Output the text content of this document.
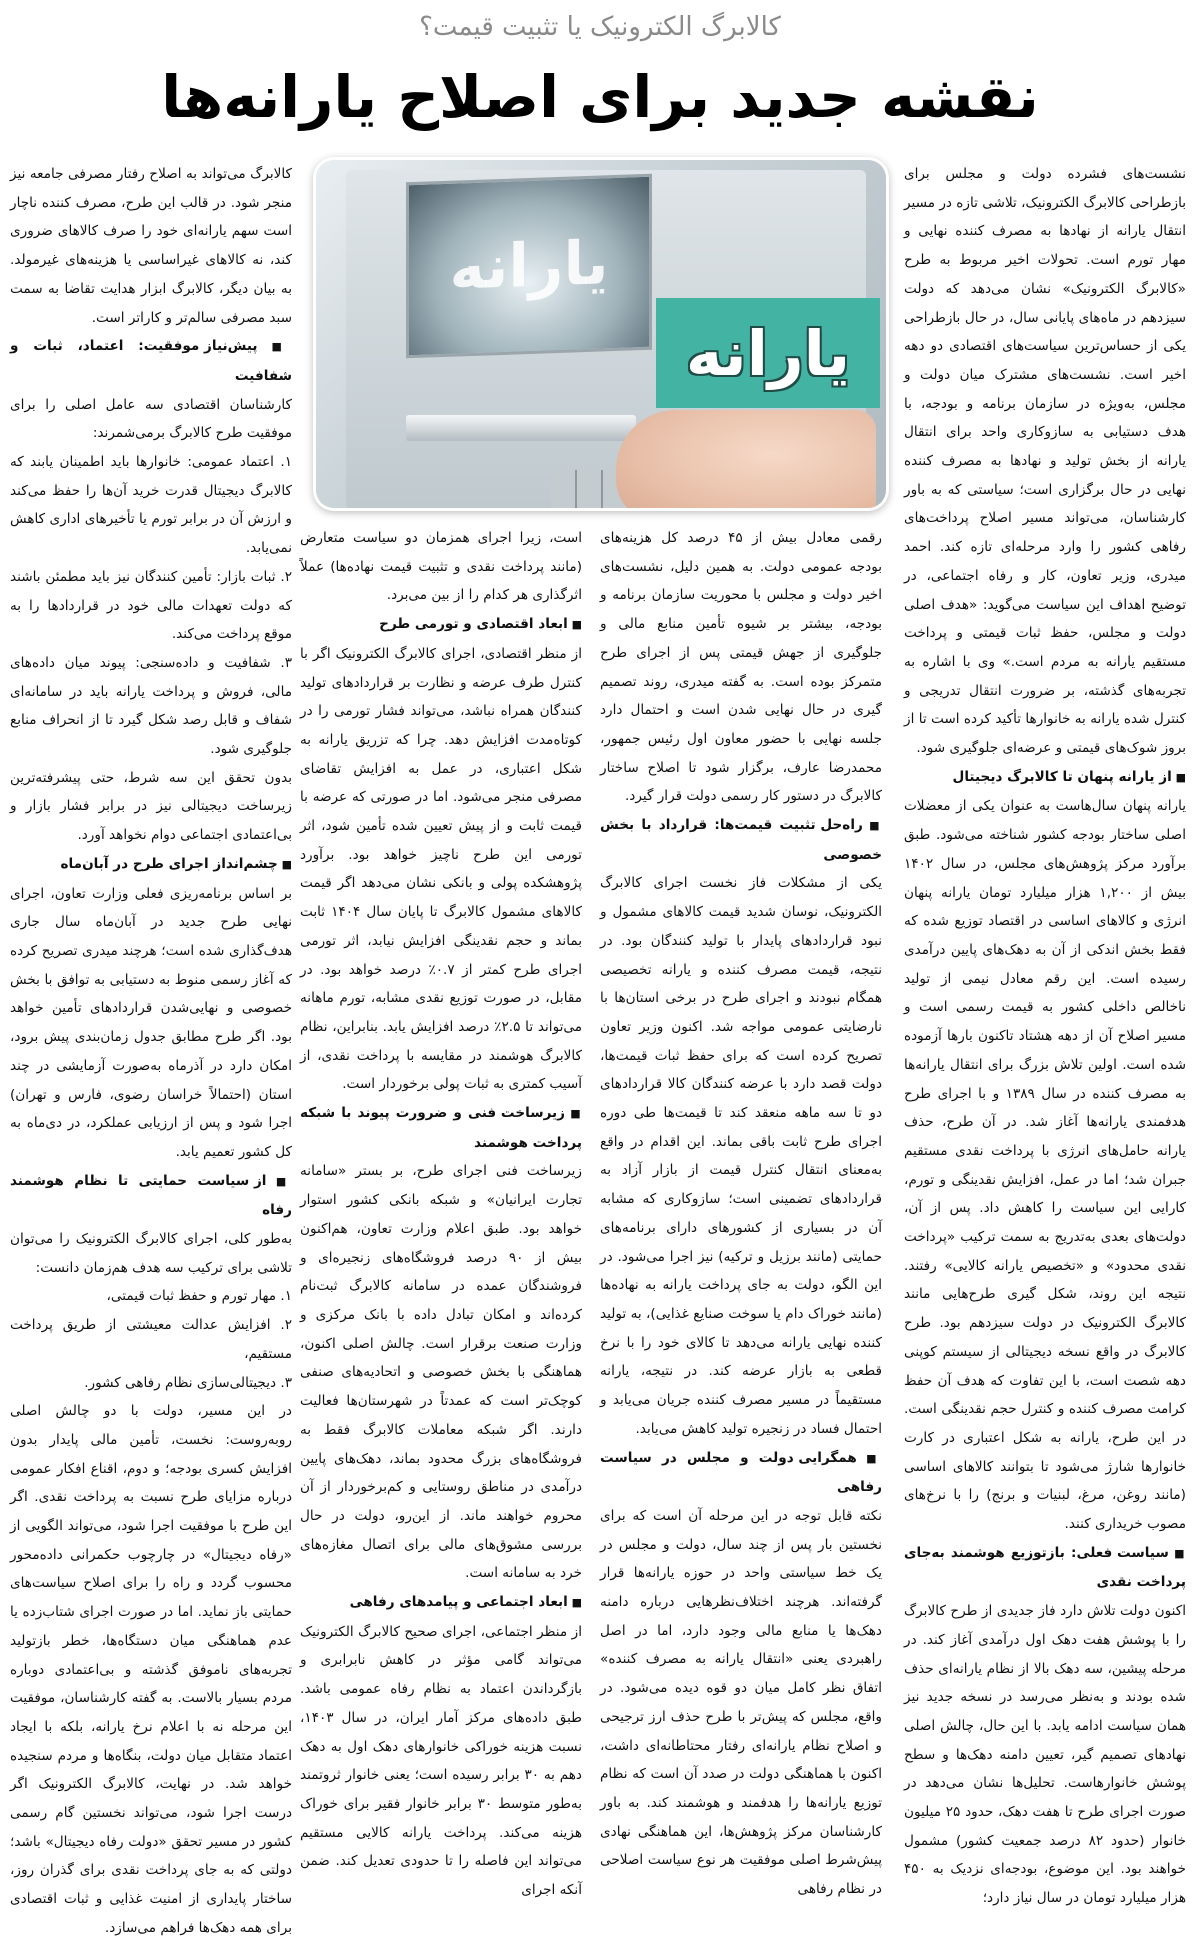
کالابرگ الکترونیک یا تثبیت قیمت؟
نقشه جدید برای اصلاح یارانه‌ها
یارانه
یارانه

نشست‌های فشرده دولت و مجلس برای بازطراحی کالابرگ الکترونیک، تلاشی تازه در مسیر انتقال یارانه از نهادها به مصرف کننده نهایی و مهار تورم است. تحولات اخیر مربوط به طرح «کالابرگ الکترونیک» نشان می‌دهد که دولت سیزدهم در ماه‌های پایانی سال، در حال بازطراحی یکی از حساس‌ترین سیاست‌های اقتصادی دو دهه اخیر است. نشست‌های مشترک میان دولت و مجلس، به‌ویژه در سازمان برنامه و بودجه، با هدف دستیابی به سازوکاری واحد برای انتقال یارانه از بخش تولید و نهادها به مصرف کننده نهایی در حال برگزاری است؛ سیاستی که به باور کارشناسان، می‌تواند مسیر اصلاح پرداخت‌های رفاهی کشور را وارد مرحله‌ای تازه کند. احمد میدری، وزیر تعاون، کار و رفاه اجتماعی، در توضیح اهداف این سیاست می‌گوید: «هدف اصلی دولت و مجلس، حفظ ثبات قیمتی و پرداخت مستقیم یارانه به مردم است.» وی با اشاره به تجربه‌های گذشته، بر ضرورت انتقال تدریجی و کنترل شده یارانه به خانوارها تأکید کرده است تا از بروز شوک‌های قیمتی و عرضه‌ای جلوگیری شود.

■ از یارانه پنهان تا کالابرگ دیجیتال

یارانه پنهان سال‌هاست به عنوان یکی از معضلات اصلی ساختار بودجه کشور شناخته می‌شود. طبق برآورد مرکز پژوهش‌های مجلس، در سال ۱۴۰۲ بیش از ۱,۲۰۰ هزار میلیارد تومان یارانه پنهان انرژی و کالاهای اساسی در اقتصاد توزیع شده که فقط بخش اندکی از آن به دهک‌های پایین درآمدی رسیده است. این رقم معادل نیمی از تولید ناخالص داخلی کشور به قیمت رسمی است و مسیر اصلاح آن از دهه هشتاد تاکنون بارها آزموده شده است. اولین تلاش بزرگ برای انتقال یارانه‌ها به مصرف کننده در سال ۱۳۸۹ و با اجرای طرح هدفمندی یارانه‌ها آغاز شد. در آن طرح، حذف یارانه حامل‌های انرژی با پرداخت نقدی مستقیم جبران شد؛ اما در عمل، افزایش نقدینگی و تورم، کارایی این سیاست را کاهش داد. پس از آن، دولت‌های بعدی به‌تدریج به سمت ترکیب «پرداخت نقدی محدود» و «تخصیص یارانه کالایی» رفتند. نتیجه این روند، شکل گیری طرح‌هایی مانند کالابرگ الکترونیک در دولت سیزدهم بود. طرح کالابرگ در واقع نسخه دیجیتالی از سیستم کوپنی دهه شصت است، با این تفاوت که هدف آن حفظ کرامت مصرف کننده و کنترل حجم نقدینگی است. در این طرح، یارانه به شکل اعتباری در کارت خانوارها شارژ می‌شود تا بتوانند کالاهای اساسی (مانند روغن، مرغ، لبنیات و برنج) را با نرخ‌های مصوب خریداری کنند.

■ سیاست فعلی: بازتوزیع هوشمند به‌جای پرداخت نقدی

اکنون دولت تلاش دارد فاز جدیدی از طرح کالابرگ را با پوشش هفت دهک اول درآمدی آغاز کند. در مرحله پیشین، سه دهک بالا از نظام یارانه‌ای حذف شده بودند و به‌نظر می‌رسد در نسخه جدید نیز همان سیاست ادامه یابد. با این حال، چالش اصلی نهادهای تصمیم گیر، تعیین دامنه دهک‌ها و سطح پوشش خانوارهاست. تحلیل‌ها نشان می‌دهد در صورت اجرای طرح تا هفت دهک، حدود ۲۵ میلیون خانوار (حدود ۸۲ درصد جمعیت کشور) مشمول خواهند بود. این موضوع، بودجه‌ای نزدیک به ۴۵۰ هزار میلیارد تومان در سال نیاز دارد؛

رقمی معادل بیش از ۴۵ درصد کل هزینه‌های بودجه عمومی دولت. به همین دلیل، نشست‌های اخیر دولت و مجلس با محوریت سازمان برنامه و بودجه، بیشتر بر شیوه تأمین منابع مالی و جلوگیری از جهش قیمتی پس از اجرای طرح متمرکز بوده است. به گفته میدری، روند تصمیم گیری در حال نهایی شدن است و احتمال دارد جلسه نهایی با حضور معاون اول رئیس جمهور، محمدرضا عارف، برگزار شود تا اصلاح ساختار کالابرگ در دستور کار رسمی دولت قرار گیرد.

■ راه‌حل تثبیت قیمت‌ها: قرارداد با بخش خصوصی

یکی از مشکلات فاز نخست اجرای کالابرگ الکترونیک، نوسان شدید قیمت کالاهای مشمول و نبود قراردادهای پایدار با تولید کنندگان بود. در نتیجه، قیمت مصرف کننده و یارانه تخصیصی همگام نبودند و اجرای طرح در برخی استان‌ها با نارضایتی عمومی مواجه شد. اکنون وزیر تعاون تصریح کرده است که برای حفظ ثبات قیمت‌ها، دولت قصد دارد با عرضه کنندگان کالا قراردادهای دو تا سه ماهه منعقد کند تا قیمت‌ها طی دوره اجرای طرح ثابت باقی بماند. این اقدام در واقع به‌معنای انتقال کنترل قیمت از بازار آزاد به قراردادهای تضمینی است؛ سازوکاری که مشابه آن در بسیاری از کشورهای دارای برنامه‌های حمایتی (مانند برزیل و ترکیه) نیز اجرا می‌شود. در این الگو، دولت به جای پرداخت یارانه به نهاده‌ها (مانند خوراک دام یا سوخت صنایع غذایی)، به تولید کننده نهایی یارانه می‌دهد تا کالای خود را با نرخ قطعی به بازار عرضه کند. در نتیجه، یارانه مستقیماً در مسیر مصرف کننده جریان می‌یابد و احتمال فساد در زنجیره تولید کاهش می‌یابد.

■ همگرایی دولت و مجلس در سیاست رفاهی

نکته قابل توجه در این مرحله آن است که برای نخستین بار پس از چند سال، دولت و مجلس در یک خط سیاستی واحد در حوزه یارانه‌ها قرار گرفته‌اند. هرچند اختلاف‌نظرهایی درباره دامنه دهک‌ها یا منابع مالی وجود دارد، اما در اصل راهبردی یعنی «انتقال یارانه به مصرف کننده» اتفاق نظر کامل میان دو قوه دیده می‌شود. در واقع، مجلس که پیش‌تر با طرح حذف ارز ترجیحی و اصلاح نظام یارانه‌ای رفتار محتاطانه‌ای داشت، اکنون با هماهنگی دولت در صدد آن است که نظام توزیع یارانه‌ها را هدفمند و هوشمند کند. به باور کارشناسان مرکز پژوهش‌ها، این هماهنگی نهادی پیش‌شرط اصلی موفقیت هر نوع سیاست اصلاحی در نظام رفاهی

است، زیرا اجرای همزمان دو سیاست متعارض (مانند پرداخت نقدی و تثبیت قیمت نهاده‌ها) عملاً اثرگذاری هر کدام را از بین می‌برد.

■ ابعاد اقتصادی و تورمی طرح

از منظر اقتصادی، اجرای کالابرگ الکترونیک اگر با کنترل طرف عرضه و نظارت بر قراردادهای تولید کنندگان همراه نباشد، می‌تواند فشار تورمی را در کوتاه‌مدت افزایش دهد. چرا که تزریق یارانه به شکل اعتباری، در عمل به افزایش تقاضای مصرفی منجر می‌شود. اما در صورتی که عرضه با قیمت ثابت و از پیش تعیین شده تأمین شود، اثر تورمی این طرح ناچیز خواهد بود. برآورد پژوهشکده پولی و بانکی نشان می‌دهد اگر قیمت کالاهای مشمول کالابرگ تا پایان سال ۱۴۰۴ ثابت بماند و حجم نقدینگی افزایش نیابد، اثر تورمی اجرای طرح کمتر از ۰.۷٪ درصد خواهد بود. در مقابل، در صورت توزیع نقدی مشابه، تورم ماهانه می‌تواند تا ۲.۵٪ درصد افزایش یابد. بنابراین، نظام کالابرگ هوشمند در مقایسه با پرداخت نقدی، از آسیب کمتری به ثبات پولی برخوردار است.

■ زیرساخت فنی و ضرورت پیوند با شبکه پرداخت هوشمند

زیرساخت فنی اجرای طرح، بر بستر «سامانه تجارت ایرانیان» و شبکه بانکی کشور استوار خواهد بود. طبق اعلام وزارت تعاون، هم‌اکنون بیش از ۹۰ درصد فروشگاه‌های زنجیره‌ای و فروشندگان عمده در سامانه کالابرگ ثبت‌نام کرده‌اند و امکان تبادل داده با بانک مرکزی و وزارت صنعت برقرار است. چالش اصلی اکنون، هماهنگی با بخش خصوصی و اتحادیه‌های صنفی کوچک‌تر است که عمدتاً در شهرستان‌ها فعالیت دارند. اگر شبکه معاملات کالابرگ فقط به فروشگاه‌های بزرگ محدود بماند، دهک‌های پایین درآمدی در مناطق روستایی و کم‌برخوردار از آن محروم خواهند ماند. از این‌رو، دولت در حال بررسی مشوق‌های مالی برای اتصال مغازه‌های خرد به سامانه است.

■ ابعاد اجتماعی و پیامدهای رفاهی

از منظر اجتماعی، اجرای صحیح کالابرگ الکترونیک می‌تواند گامی مؤثر در کاهش نابرابری و بازگرداندن اعتماد به نظام رفاه عمومی باشد. طبق داده‌های مرکز آمار ایران، در سال ۱۴۰۳، نسبت هزینه خوراکی خانوارهای دهک اول به دهک دهم به ۳۰ برابر رسیده است؛ یعنی خانوار ثروتمند به‌طور متوسط ۳۰ برابر خانوار فقیر برای خوراک هزینه می‌کند. پرداخت یارانه کالایی مستقیم می‌تواند این فاصله را تا حدودی تعدیل کند. ضمن آنکه اجرای

کالابرگ می‌تواند به اصلاح رفتار مصرفی جامعه نیز منجر شود. در قالب این طرح، مصرف کننده ناچار است سهم یارانه‌ای خود را صرف کالاهای ضروری کند، نه کالاهای غیراساسی یا هزینه‌های غیرمولد. به بیان دیگر، کالابرگ ابزار هدایت تقاضا به سمت سبد مصرفی سالم‌تر و کاراتر است.

■ پیش‌نیاز موفقیت: اعتماد، ثبات و شفافیت

کارشناسان اقتصادی سه عامل اصلی را برای موفقیت طرح کالابرگ برمی‌شمرند:

۱. اعتماد عمومی: خانوارها باید اطمینان یابند که کالابرگ دیجیتال قدرت خرید آن‌ها را حفظ می‌کند و ارزش آن در برابر تورم یا تأخیرهای اداری کاهش نمی‌یابد.

۲. ثبات بازار: تأمین کنندگان نیز باید مطمئن باشند که دولت تعهدات مالی خود در قراردادها را به موقع پرداخت می‌کند.

۳. شفافیت و داده‌سنجی: پیوند میان داده‌های مالی، فروش و پرداخت یارانه باید در سامانه‌ای شفاف و قابل رصد شکل گیرد تا از انحراف منابع جلوگیری شود.

بدون تحقق این سه شرط، حتی پیشرفته‌ترین زیرساخت دیجیتالی نیز در برابر فشار بازار و بی‌اعتمادی اجتماعی دوام نخواهد آورد.

■ چشم‌انداز اجرای طرح در آبان‌ماه

بر اساس برنامه‌ریزی فعلی وزارت تعاون، اجرای نهایی طرح جدید در آبان‌ماه سال جاری هدف‌گذاری شده است؛ هرچند میدری تصریح کرده که آغاز رسمی منوط به دستیابی به توافق با بخش خصوصی و نهایی‌شدن قراردادهای تأمین خواهد بود. اگر طرح مطابق جدول زمان‌بندی پیش برود، امکان دارد در آذرماه به‌صورت آزمایشی در چند استان (احتمالاً خراسان رضوی، فارس و تهران) اجرا شود و پس از ارزیابی عملکرد، در دی‌ماه به کل کشور تعمیم یابد.

■ از سیاست حمایتی تا نظام هوشمند رفاه

به‌طور کلی، اجرای کالابرگ الکترونیک را می‌توان تلاشی برای ترکیب سه هدف هم‌زمان دانست:

۱. مهار تورم و حفظ ثبات قیمتی،

۲. افزایش عدالت معیشتی از طریق پرداخت مستقیم،

۳. دیجیتالی‌سازی نظام رفاهی کشور.

در این مسیر، دولت با دو چالش اصلی روبه‌روست: نخست، تأمین مالی پایدار بدون افزایش کسری بودجه؛ و دوم، اقناع افکار عمومی درباره مزایای طرح نسبت به پرداخت نقدی. اگر این طرح با موفقیت اجرا شود، می‌تواند الگویی از «رفاه دیجیتال» در چارچوب حکمرانی داده‌محور محسوب گردد و راه را برای اصلاح سیاست‌های حمایتی باز نماید. اما در صورت اجرای شتاب‌زده یا عدم هماهنگی میان دستگاه‌ها، خطر بازتولید تجربه‌های ناموفق گذشته و بی‌اعتمادی دوباره مردم بسیار بالاست. به گفته کارشناسان، موفقیت این مرحله نه با اعلام نرخ یارانه، بلکه با ایجاد اعتماد متقابل میان دولت، بنگاه‌ها و مردم سنجیده خواهد شد. در نهایت، کالابرگ الکترونیک اگر درست اجرا شود، می‌تواند نخستین گام رسمی کشور در مسیر تحقق «دولت رفاه دیجیتال» باشد؛ دولتی که به جای پرداخت نقدی برای گذران روز، ساختار پایداری از امنیت غذایی و ثبات اقتصادی برای همه دهک‌ها فراهم می‌سازد.
